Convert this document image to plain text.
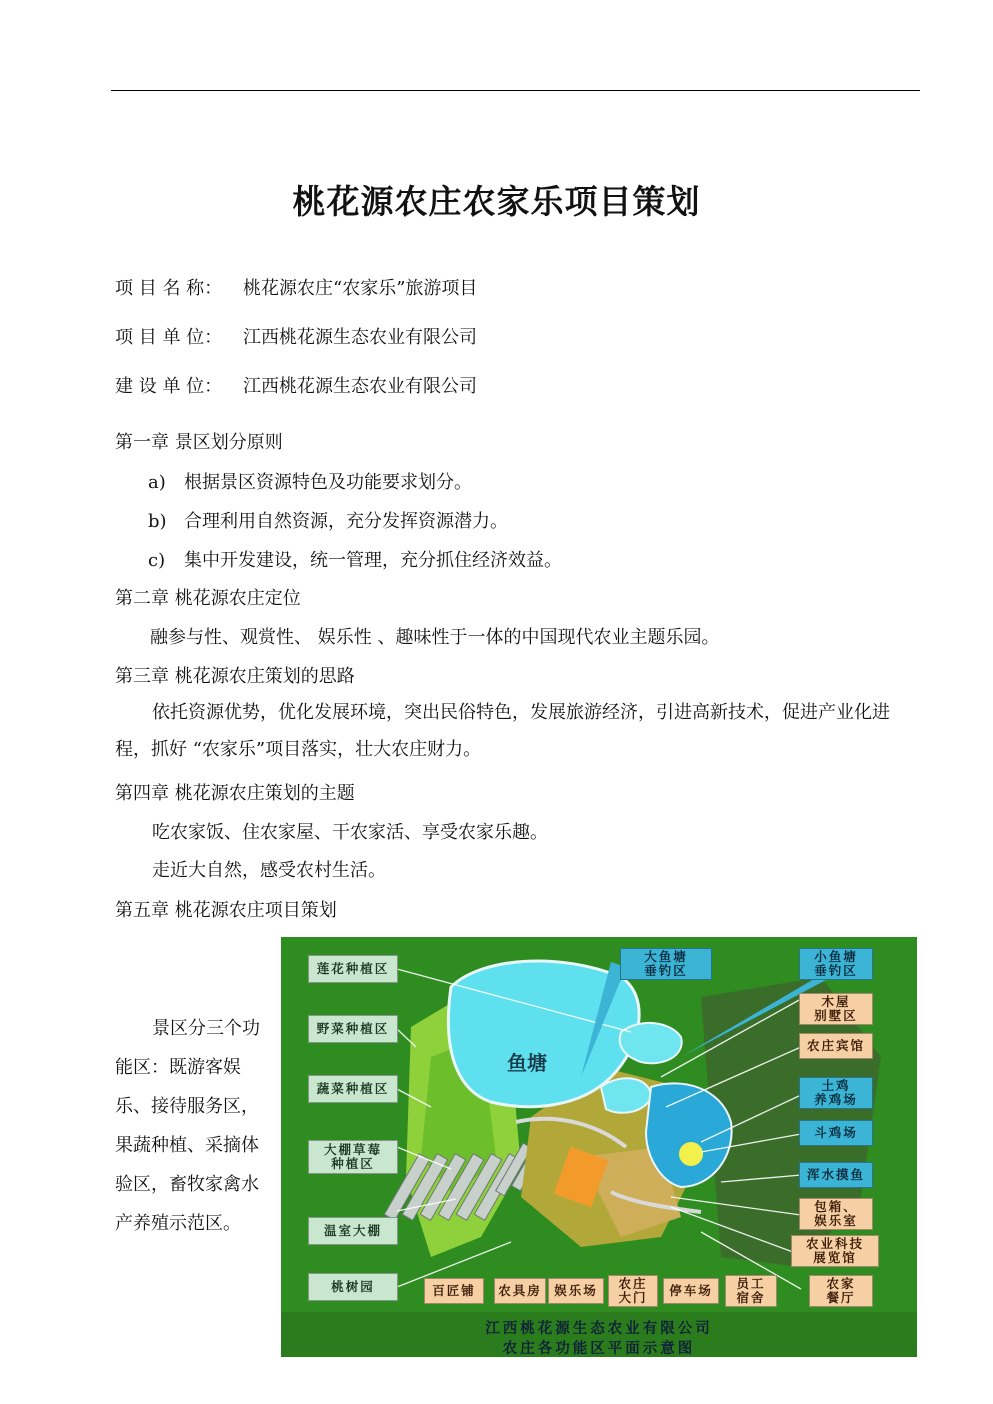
桃花源农庄农家乐项目策划
项 目 名 称： 桃花源农庄“农家乐”旅游项目
项 目 单 位： 江西桃花源生态农业有限公司
建 设 单 位： 江西桃花源生态农业有限公司
第一章 景区划分原则
a) 根据景区资源特色及功能要求划分。
b) 合理利用自然资源，充分发挥资源潜力。
c) 集中开发建设，统一管理，充分抓住经济效益。
第二章 桃花源农庄定位
融参与性、观赏性、 娱乐性 、趣味性于一体的中国现代农业主题乐园。
第三章 桃花源农庄策划的思路
依托资源优势，优化发展环境，突出民俗特色，发展旅游经济，引进高新技术，促进产业化进程，抓好 “农家乐”项目落实，壮大农庄财力。
第四章 桃花源农庄策划的主题
吃农家饭、住农家屋、干农家活、享受农家乐趣。
走近大自然，感受农村生活。
第五章 桃花源农庄项目策划
景区分三个功能区：既游客娱乐、接待服务区，果蔬种植、采摘体验区，畜牧家禽水产养殖示范区。
鱼塘
莲花种植区
野菜种植区
蔬菜种植区
大棚草莓
种植区
温室大棚
桃树园
大鱼塘
垂钓区
小鱼塘
垂钓区
木屋
别墅区
农庄宾馆
土鸡
养鸡场
斗鸡场
浑水摸鱼
包箱、
娱乐室
农业科技
展览馆
农家
餐厅
百匠铺	农具房 娱乐场	农庄
大门	停车场	员工
宿舍
江西桃花源生态农业有限公司
农庄各功能区平面示意图
